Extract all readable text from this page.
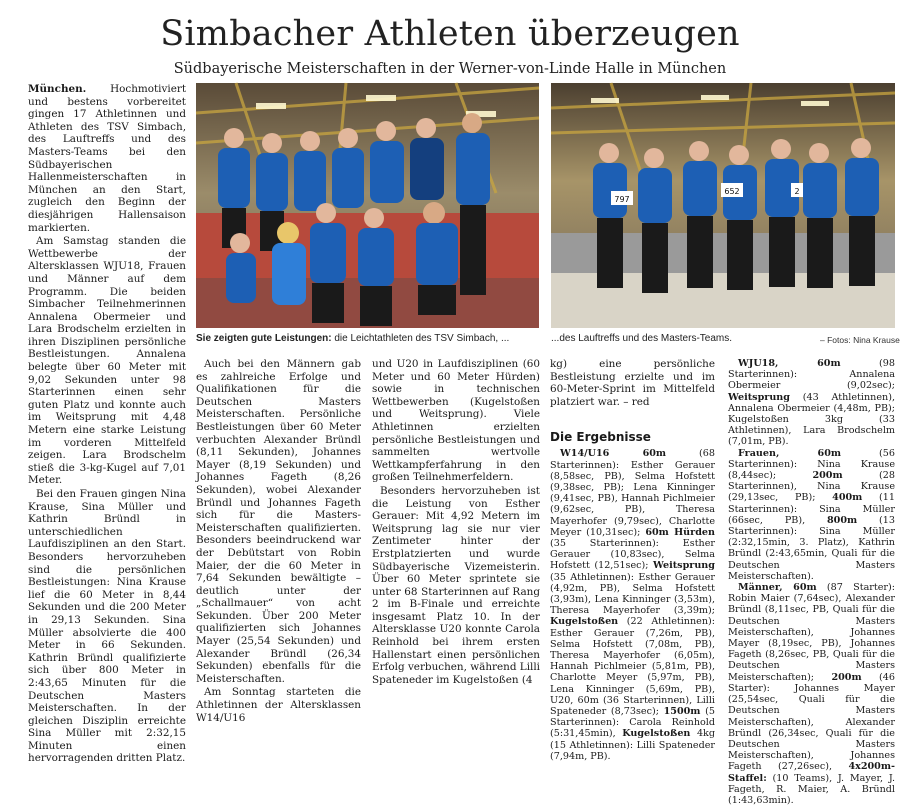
Simbacher Athleten überzeugen
Südbayerische Meisterschaften in der Werner-von-Linde Halle in München

München. Hochmotiviert und bestens vorbereitet gingen 17 Athletinnen und Athleten des TSV Simbach, des Lauftreffs und des Masters-Teams bei den Südbayerischen Hallenmeisterschaften in München an den Start, zugleich den Beginn der diesjährigen Hallensaison markierten.

Am Samstag standen die Wettbewerbe der Altersklassen WJU18, Frauen und Männer auf dem Programm. Die beiden Simbacher Teilnehmerinnen Annalena Obermeier und Lara Brodschelm erzielten in ihren Disziplinen persönliche Bestleistungen. Annalena belegte über 60 Meter mit 9,02 Sekunden unter 98 Starterinnen einen sehr guten Platz und konnte auch im Weitsprung mit 4,48 Metern eine starke Leistung im vorderen Mittelfeld zeigen. Lara Brodschelm stieß die 3-kg-Kugel auf 7,01 Meter.

Bei den Frauen gingen Nina Krause, Sina Müller und Kathrin Bründl in unterschiedlichen Laufdisziplinen an den Start. Besonders hervorzuheben sind die persönlichen Bestleistungen: Nina Krause lief die 60 Meter in 8,44 Sekunden und die 200 Meter in 29,13 Sekunden. Sina Müller absolvierte die 400 Meter in 66 Sekunden. Kathrin Bründl qualifizierte sich über 800 Meter in 2:43,65 Minuten für die Deutschen Masters Meisterschaften. In der gleichen Disziplin erreichte Sina Müller mit 2:32,15 Minuten einen hervorragenden dritten Platz.

797
652	2
Sie zeigten gute Leistungen: die Leichtathleten des TSV Simbach, ...	...des Lauftreffs und des Masters-Teams.	– Fotos: Nina Krause

Auch bei den Männern gab es zahlreiche Erfolge und Qualifikationen für die Deutschen Masters Meisterschaften. Persönliche Bestleistungen über 60 Meter verbuchten Alexander Bründl (8,11 Sekunden), Johannes Mayer (8,19 Sekunden) und Johannes Fageth (8,26 Sekunden), wobei Alexander Bründl und Johannes Fageth sich für die Masters-Meisterschaften qualifizierten. Besonders beeindruckend war der Debütstart von Robin Maier, der die 60 Meter in 7,64 Sekunden bewältigte – deutlich unter der „Schallmauer“ von acht Sekunden. Über 200 Meter qualifizierten sich Johannes Mayer (25,54 Sekunden) und Alexander Bründl (26,34 Sekunden) ebenfalls für die Meisterschaften.

Am Sonntag starteten die Athletinnen der Altersklassen W14/U16

und U20 in Laufdisziplinen (60 Meter und 60 Meter Hürden) sowie in technischen Wettbewerben (Kugelstoßen und Weitsprung). Viele Athletinnen erzielten persönliche Bestleistungen und sammelten wertvolle Wettkampferfahrung in den großen Teilnehmerfeldern.

Besonders hervorzuheben ist die Leistung von Esther Gerauer: Mit 4,92 Metern im Weitsprung lag sie nur vier Zentimeter hinter der Erstplatzierten und wurde Südbayerische Vizemeisterin. Über 60 Meter sprintete sie unter 68 Starterinnen auf Rang 2 im B-Finale und erreichte insgesamt Platz 10. In der Altersklasse U20 konnte Carola Reinhold bei ihrem ersten Hallenstart einen persönlichen Erfolg verbuchen, während Lilli Spateneder im Kugelstoßen (4

kg) eine persönliche Bestleistung erzielte und im 60-Meter-Sprint im Mittelfeld platziert war. – red

Die Ergebnisse

W14/U16 60m (68 Starterinnen): Esther Gerauer (8,58sec, PB), Selma Hofstett (9,38sec, PB); Lena Kinninger (9,41sec, PB), Hannah Pichlmeier (9,62sec, PB), Theresa Mayerhofer (9,79sec), Charlotte Meyer (10,31sec); 60m Hürden (35 Starterinnen): Esther Gerauer (10,83sec), Selma Hofstett (12,51sec); Weitsprung (35 Athletinnen): Esther Gerauer (4,92m, PB), Selma Hofstett (3,93m), Lena Kinninger (3,53m), Theresa Mayerhofer (3,39m); Kugelstoßen (22 Athletinnen): Esther Gerauer (7,26m, PB), Selma Hofstett (7,08m, PB), Theresa Mayerhofer (6,05m), Hannah Pichlmeier (5,81m, PB), Charlotte Meyer (5,97m, PB), Lena Kinninger (5,69m, PB), U20, 60m (36 Starterinnen), Lilli Spateneder (8,73sec); 1500m (5 Starterinnen): Carola Reinhold (5:31,45min), Kugelstoßen 4kg (15 Athletinnen): Lilli Spateneder (7,94m, PB).

WJU18, 60m (98 Starterinnen): Annalena Obermeier (9,02sec); Weitsprung (43 Athletinnen), Annalena Obermeier (4,48m, PB); Kugelstoßen 3kg (33 Athletinnen), Lara Brodschelm (7,01m, PB).

Frauen, 60m (56 Starterinnen): Nina Krause (8,44sec); 200m (28 Starterinnen), Nina Krause (29,13sec, PB); 400m (11 Starterinnen): Sina Müller (66sec, PB), 800m (13 Starterinnen): Sina Müller (2:32,15min, 3. Platz), Kathrin Bründl (2:43,65min, Quali für die Deutschen Masters Meisterschaften).

Männer, 60m (87 Starter): Robin Maier (7,64sec), Alexander Bründl (8,11sec, PB, Quali für die Deutschen Masters Meisterschaften), Johannes Mayer (8,19sec, PB), Johannes Fageth (8,26sec, PB, Quali für die Deutschen Masters Meisterschaften); 200m (46 Starter): Johannes Mayer (25,54sec, Quali für die Deutschen Masters Meisterschaften), Alexander Bründl (26,34sec, Quali für die Deutschen Masters Meisterschaften), Johannes Fageth (27,26sec), 4x200m-Staffel: (10 Teams), J. Mayer, J. Fageth, R. Maier, A. Bründl (1:43,63min).
